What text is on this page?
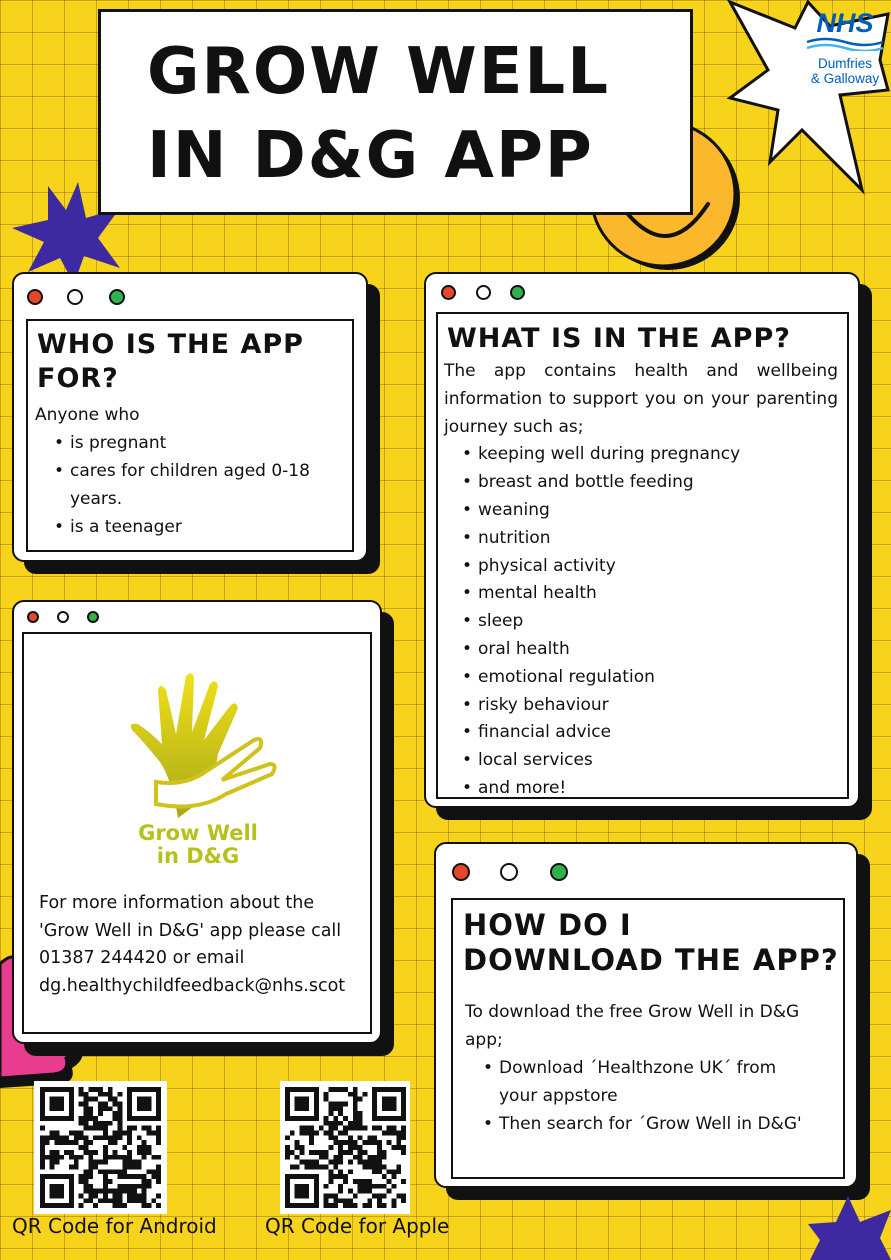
GROW WELL
IN D&G APP
NHS
Dumfries
& Galloway
WHO IS THE APP
FOR?
Anyone who
• is pregnant
• cares for children aged 0-18 years.
• is a teenager
WHAT IS IN THE APP?
The app contains health and wellbeing information to support you on your parenting journey such as;
• keeping well during pregnancy
• breast and bottle feeding
• weaning
• nutrition
• physical activity
• mental health
• sleep
• oral health
• emotional regulation
• risky behaviour
• financial advice
• local services
• and more!
Grow Well
in D&G
For more information about the 'Grow Well in D&G' app please call 01387 244420 or email dg.healthychildfeedback@nhs.scot
HOW DO I
DOWNLOAD THE APP?
To download the free Grow Well in D&G app;
• Download ´Healthzone UK´ from your appstore
• Then search for ´Grow Well in D&G'
QR Code for Android QR Code for Apple
